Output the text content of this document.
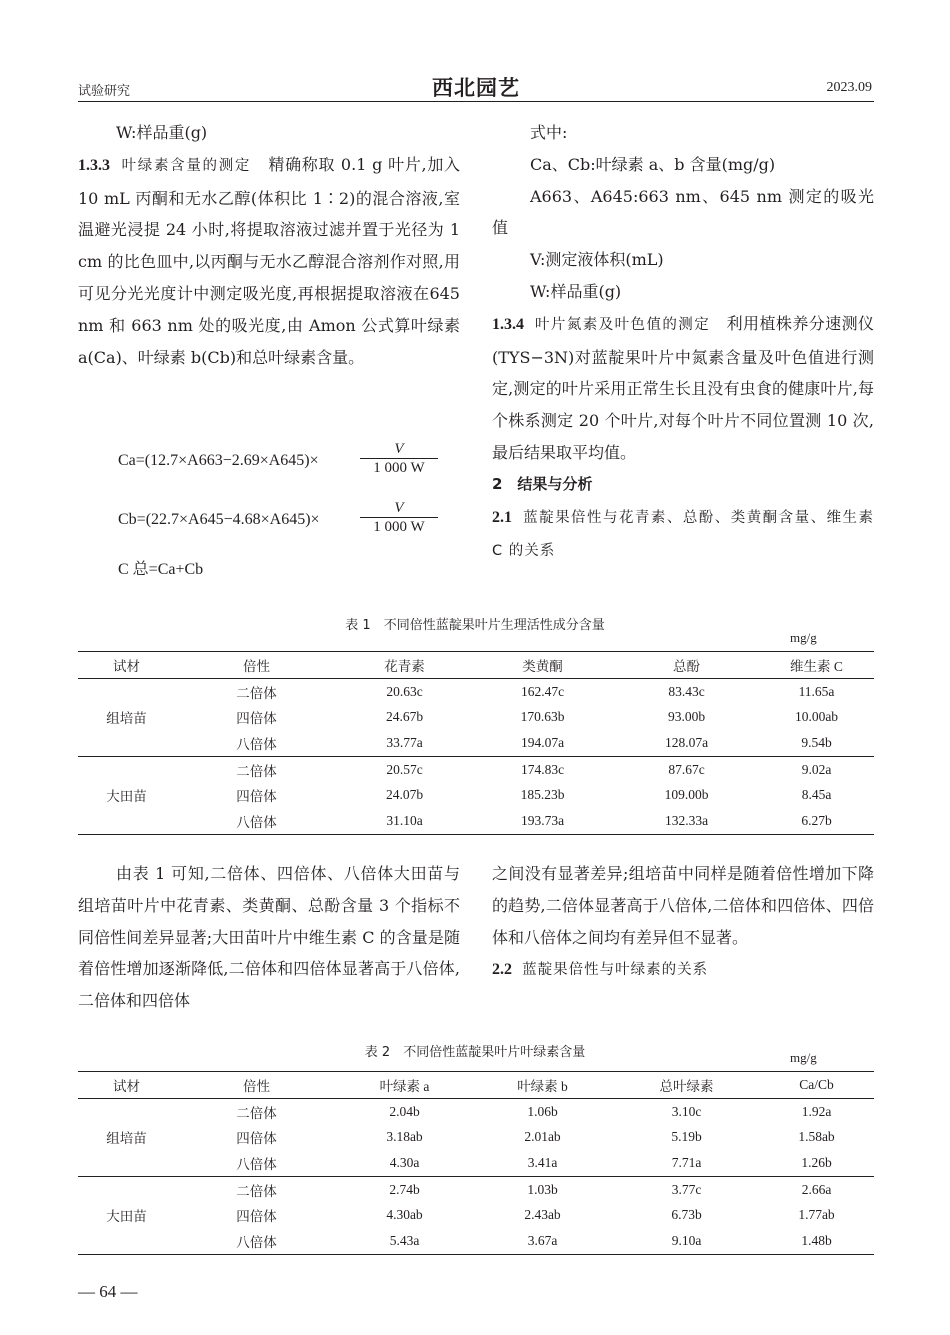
试验研究	西北园艺	2023.09

W:样品重(g)

1.3.3 叶绿素含量的测定 精确称取 0.1 g 叶片,加入 10 mL 丙酮和无水乙醇(体积比 1∶2)的混合溶液,室温避光浸提 24 小时,将提取溶液过滤并置于光径为 1 cm 的比色皿中,以丙酮与无水乙醇混合溶剂作对照,用可见分光光度计中测定吸光度,再根据提取溶液在645 nm 和 663 nm 处的吸光度,由 Amon 公式算叶绿素 a(Ca)、叶绿素 b(Cb)和总叶绿素含量。

Ca=(12.7×A663−2.69×A645)×	$\frac{V}{1 000 W}$
Cb=(22.7×A645−4.68×A645)×	$\frac{V}{1 000 W}$
C 总=Ca+Cb

式中:

Ca、Cb:叶绿素 a、b 含量(mg/g)

A663、A645:663 nm、645 nm 测定的吸光值

V:测定液体积(mL)

W:样品重(g)

1.3.4 叶片氮素及叶色值的测定 利用植株养分速测仪(TYS−3N)对蓝靛果叶片中氮素含量及叶色值进行测定,测定的叶片采用正常生长且没有虫食的健康叶片,每个株系测定 20 个叶片,对每个叶片不同位置测 10 次,最后结果取平均值。

2　结果与分析

2.1 蓝靛果倍性与花青素、总酚、类黄酮含量、维生素 C 的关系

表 1　不同倍性蓝靛果叶片生理活性成分含量
mg/g
试材	倍性	花青素	类黄酮	总酚	维生素 C
组培苗	二倍体	20.63c	162.47c	83.43c	11.65a
	四倍体	24.67b	170.63b	93.00b	10.00ab
	八倍体	33.77a	194.07a	128.07a	9.54b
大田苗	二倍体	20.57c	174.83c	87.67c	9.02a
	四倍体	24.07b	185.23b	109.00b	8.45a
	八倍体	31.10a	193.73a	132.33a	6.27b

由表 1 可知,二倍体、四倍体、八倍体大田苗与组培苗叶片中花青素、类黄酮、总酚含量 3 个指标不同倍性间差异显著;大田苗叶片中维生素 C 的含量是随着倍性增加逐渐降低,二倍体和四倍体显著高于八倍体,二倍体和四倍体

之间没有显著差异;组培苗中同样是随着倍性增加下降的趋势,二倍体显著高于八倍体,二倍体和四倍体、四倍体和八倍体之间均有差异但不显著。

2.2 蓝靛果倍性与叶绿素的关系

表 2　不同倍性蓝靛果叶片叶绿素含量	mg/g
试材	倍性	叶绿素 a	叶绿素 b	总叶绿素	Ca/Cb
组培苗	二倍体	2.04b	1.06b	3.10c	1.92a
	四倍体	3.18ab	2.01ab	5.19b	1.58ab
	八倍体	4.30a	3.41a	7.71a	1.26b
大田苗	二倍体	2.74b	1.03b	3.77c	2.66a
	四倍体	4.30ab	2.43ab	6.73b	1.77ab
	八倍体	5.43a	3.67a	9.10a	1.48b
— 64 —
